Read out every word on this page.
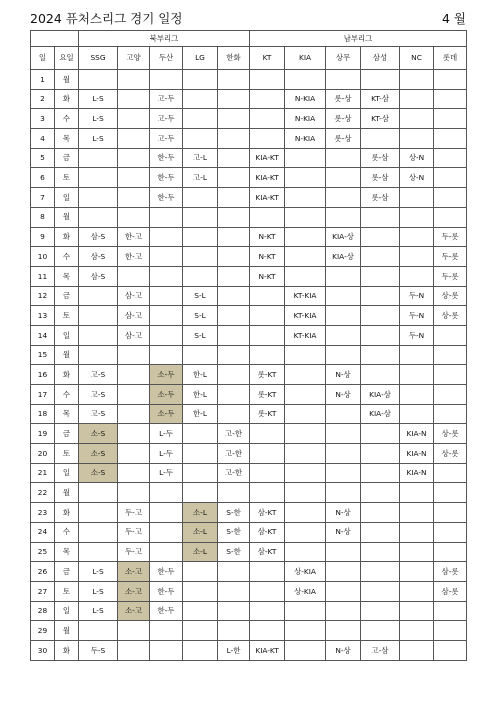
2024 퓨처스리그 경기 일정	4 월
		북부리그					남부리그					
일	요일	SSG	고양	두산	LG	한화	KT	KIA	상무	삼성	NC	롯데
1	월											
2	화	L-S		고-두				N-KIA	롯-상	KT-삼		
3	수	L-S		고-두				N-KIA	롯-상	KT-삼		
4	목	L-S		고-두				N-KIA	롯-상			
5	금			한-두	고-L		KIA-KT			롯-삼	상-N	
6	토			한-두	고-L		KIA-KT			롯-삼	상-N	
7	일			한-두			KIA-KT			롯-삼		
8	월											
9	화	삼-S	한-고				N-KT		KIA-상			두-롯
10	수	삼-S	한-고				N-KT		KIA-상			두-롯
11	목	삼-S					N-KT					두-롯
12	금		삼-고		S-L			KT-KIA			두-N	상-롯
13	토		삼-고		S-L			KT-KIA			두-N	상-롯
14	일		삼-고		S-L			KT-KIA			두-N	
15	월											
16	화	고-S		소-두	한-L		롯-KT		N-상			
17	수	고-S		소-두	한-L		롯-KT		N-상	KIA-삼		
18	목	고-S		소-두	한-L		롯-KT			KIA-삼		
19	금	소-S		L-두		고-한					KIA-N	상-롯
20	토	소-S		L-두		고-한					KIA-N	상-롯
21	일	소-S		L-두		고-한					KIA-N	
22	월											
23	화		두-고		소-L	S-한	삼-KT		N-상			
24	수		두-고		소-L	S-한	삼-KT		N-상			
25	목		두-고		소-L	S-한	삼-KT					
26	금	L-S	소-고	한-두				상-KIA				삼-롯
27	토	L-S	소-고	한-두				상-KIA				삼-롯
28	일	L-S	소-고	한-두								
29	월											
30	화	두-S				L-한	KIA-KT		N-상	고-삼		
